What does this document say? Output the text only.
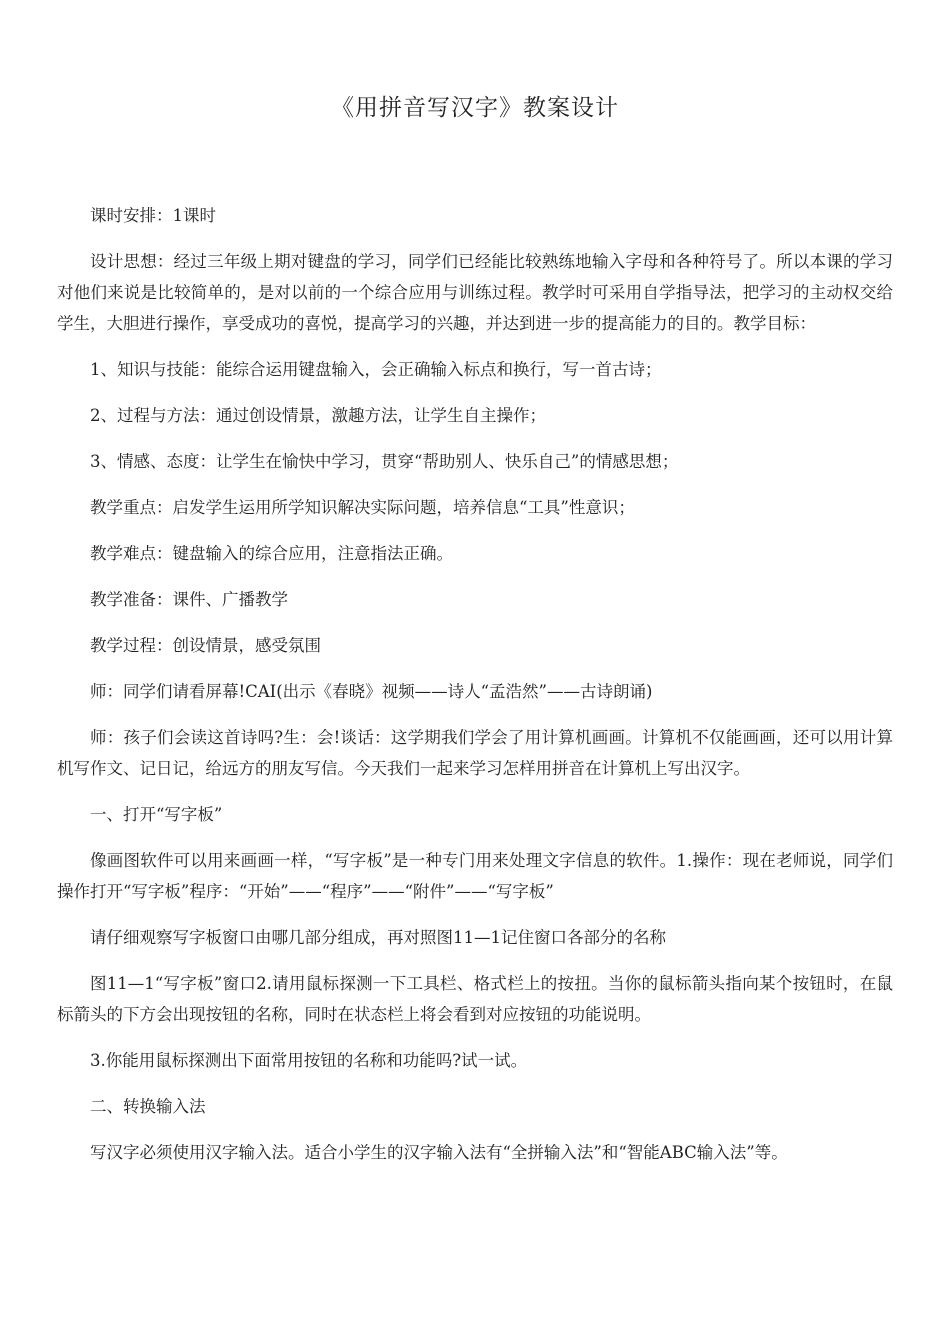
《用拼音写汉字》教案设计

课时安排：1课时

设计思想：经过三年级上期对键盘的学习，同学们已经能比较熟练地输入字母和各种符号了。所以本课的学习对他们来说是比较简单的，是对以前的一个综合应用与训练过程。教学时可采用自学指导法，把学习的主动权交给学生，大胆进行操作，享受成功的喜悦，提高学习的兴趣，并达到进一步的提高能力的目的。教学目标：

1、知识与技能：能综合运用键盘输入，会正确输入标点和换行，写一首古诗；

2、过程与方法：通过创设情景，激趣方法，让学生自主操作；

3、情感、态度：让学生在愉快中学习，贯穿“帮助别人、快乐自己”的情感思想；

教学重点：启发学生运用所学知识解决实际问题，培养信息“工具”性意识；

教学难点：键盘输入的综合应用，注意指法正确。

教学准备：课件、广播教学

教学过程：创设情景，感受氛围

师：同学们请看屏幕!CAI(出示《春晓》视频——诗人“孟浩然”——古诗朗诵)

师：孩子们会读这首诗吗?生：会!谈话：这学期我们学会了用计算机画画。计算机不仅能画画，还可以用计算机写作文、记日记，给远方的朋友写信。今天我们一起来学习怎样用拼音在计算机上写出汉字。

一、打开“写字板”

像画图软件可以用来画画一样，“写字板”是一种专门用来处理文字信息的软件。1.操作：现在老师说，同学们操作打开“写字板”程序：“开始”——“程序”——“附件”——“写字板”

请仔细观察写字板窗口由哪几部分组成，再对照图11—1记住窗口各部分的名称

图11—1“写字板”窗口2.请用鼠标探测一下工具栏、格式栏上的按扭。当你的鼠标箭头指向某个按钮时，在鼠标箭头的下方会出现按钮的名称，同时在状态栏上将会看到对应按钮的功能说明。

3.你能用鼠标探测出下面常用按钮的名称和功能吗?试一试。

二、转换输入法

写汉字必须使用汉字输入法。适合小学生的汉字输入法有“全拼输入法”和“智能ABC输入法”等。
